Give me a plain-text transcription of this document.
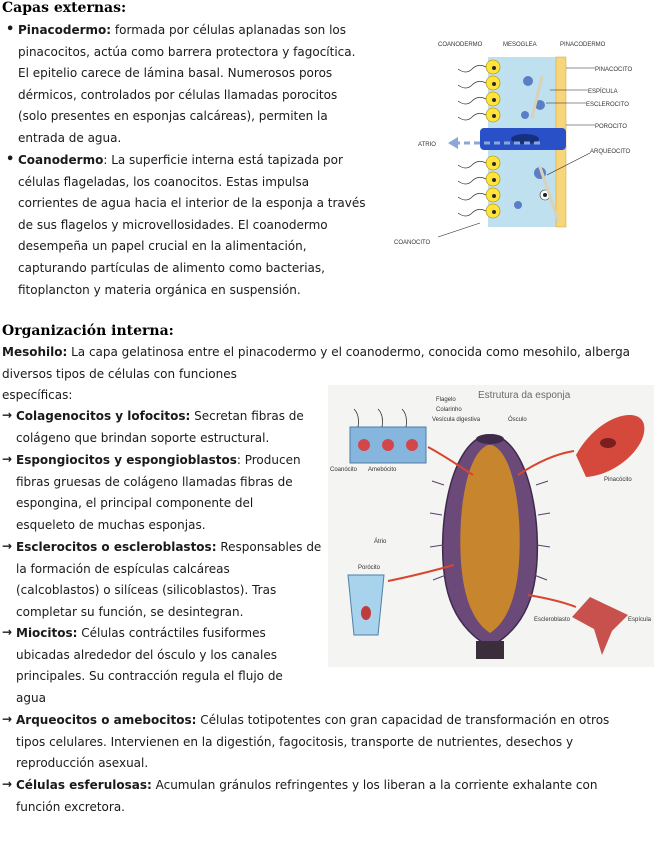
Capas externas:
• Pinacodermo: formada por células aplanadas son los
pinacocitos, actúa como barrera protectora y fagocítica.
El epitelio carece de lámina basal. Numerosos poros
dérmicos, controlados por células llamadas porocitos
(solo presentes en esponjas calcáreas), permiten la
entrada de agua.
• Coanodermo: La superficie interna está tapizada por
células flageladas, los coanocitos. Estas impulsa
corrientes de agua hacia el interior de la esponja a través
de sus flagelos y microvellosidades. El coanodermo
desempeña un papel crucial en la alimentación,
capturando partículas de alimento como bacterias,
fitoplancton y materia orgánica en suspensión.
COANODERMO	MESOGLEA	PINACODERMO
PINACOCITO
ESPÍCULA
ESCLEROCITO
POROCITO
ARQUEOCITO
ATRIO
COANOCITO
Organización interna:
Mesohilo: La capa gelatinosa entre el pinacodermo y el coanodermo, conocida como mesohilo, alberga
diversos tipos de células con funciones
específicas:
→ Colagenocitos y lofocitos: Secretan fibras de
colágeno que brindan soporte estructural.
→ Espongiocitos y espongioblastos: Producen
fibras gruesas de colágeno llamadas fibras de
espongina, el principal componente del
esqueleto de muchas esponjas.
→ Esclerocitos o escleroblastos: Responsables de
la formación de espículas calcáreas
(calcoblastos) o silíceas (silicoblastos). Tras
completar su función, se desintegran.
→ Miocitos: Células contráctiles fusiformes
ubicadas alrededor del ósculo y los canales
principales. Su contracción regula el flujo de
agua
→ Arqueocitos o amebocitos: Células totipotentes con gran capacidad de transformación en otros
tipos celulares. Intervienen en la digestión, fagocitosis, transporte de nutrientes, desechos y
reproducción asexual.
→ Células esferulosas: Acumulan gránulos refringentes y los liberan a la corriente exhalante con
función excretora.
Estrutura da esponja
Flagelo
Colarinho
Vesícula digestiva	Ósculo
Coanócito Amebócito
Pinacócito
Átrio
Porócito
Escleroblasto	Espícula
